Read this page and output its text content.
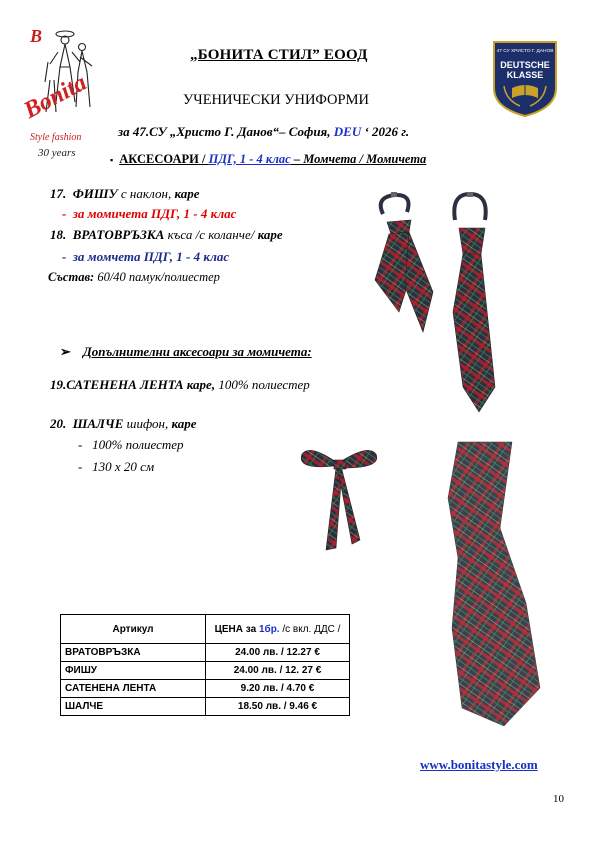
B
Bonita
Style fashion
30 years
47 СУ ХРИСТО Г. ДАНОВ
DEUTSCHE
KLASSE
„БОНИТА СТИЛ” ЕООД
УЧЕНИЧЕСКИ УНИФОРМИ
за 47.СУ „Христо Г. Данов“– София, DEU ‘ 2026 г.
▪ АКСЕСОАРИ / ПДГ, 1 - 4 клас – Момчета / Момичета
17. ФИШУ с наклон, каре
-  за момичета ПДГ, 1 - 4 клас
18. ВРАТОВРЪЗКА къса /с коланче/ каре
-  за момчета ПДГ, 1 - 4 клас
Състав: 60/40 памук/полиестер
➢ Допълнителни аксесоари за момичета:
19.САТЕНЕНА ЛЕНТА каре, 100% полиестер
20. ШАЛЧЕ шифон, каре
-   100% полиестер
-   130 х 20 см
Артикул	ЦЕНА за 1бр. /с вкл. ДДС /
ВРАТОВРЪЗКА	24.00 лв. / 12.27 €
ФИШУ	24.00 лв. / 12. 27 €
САТЕНЕНА ЛЕНТА	9.20 лв. / 4.70 €
ШАЛЧЕ	18.50 лв. / 9.46 €
www.bonitastyle.com
10
